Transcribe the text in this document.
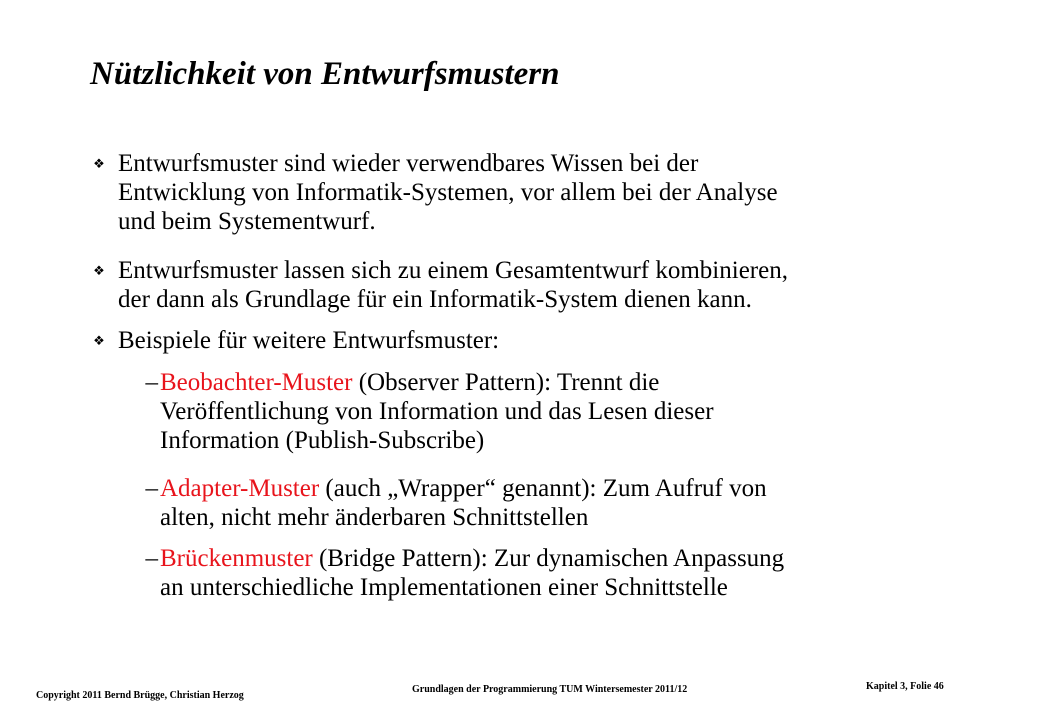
Nützlichkeit von Entwurfsmustern
❖ Entwurfsmuster sind wieder verwendbares Wissen bei der
Entwicklung von Informatik-Systemen, vor allem bei der Analyse
und beim Systementwurf.
❖ Entwurfsmuster lassen sich zu einem Gesamtentwurf kombinieren,
der dann als Grundlage für ein Informatik-System dienen kann.
❖ Beispiele für weitere Entwurfsmuster:
– Beobachter-Muster (Observer Pattern): Trennt die
Veröffentlichung von Information und das Lesen dieser
Information (Publish-Subscribe)
– Adapter-Muster (auch „Wrapper“ genannt): Zum Aufruf von
alten, nicht mehr änderbaren Schnittstellen
– Brückenmuster (Bridge Pattern): Zur dynamischen Anpassung
an unterschiedliche Implementationen einer Schnittstelle
Copyright 2011 Bernd Brügge, Christian Herzog
Grundlagen der Programmierung TUM Wintersemester 2011/12	Kapitel 3, Folie 46
